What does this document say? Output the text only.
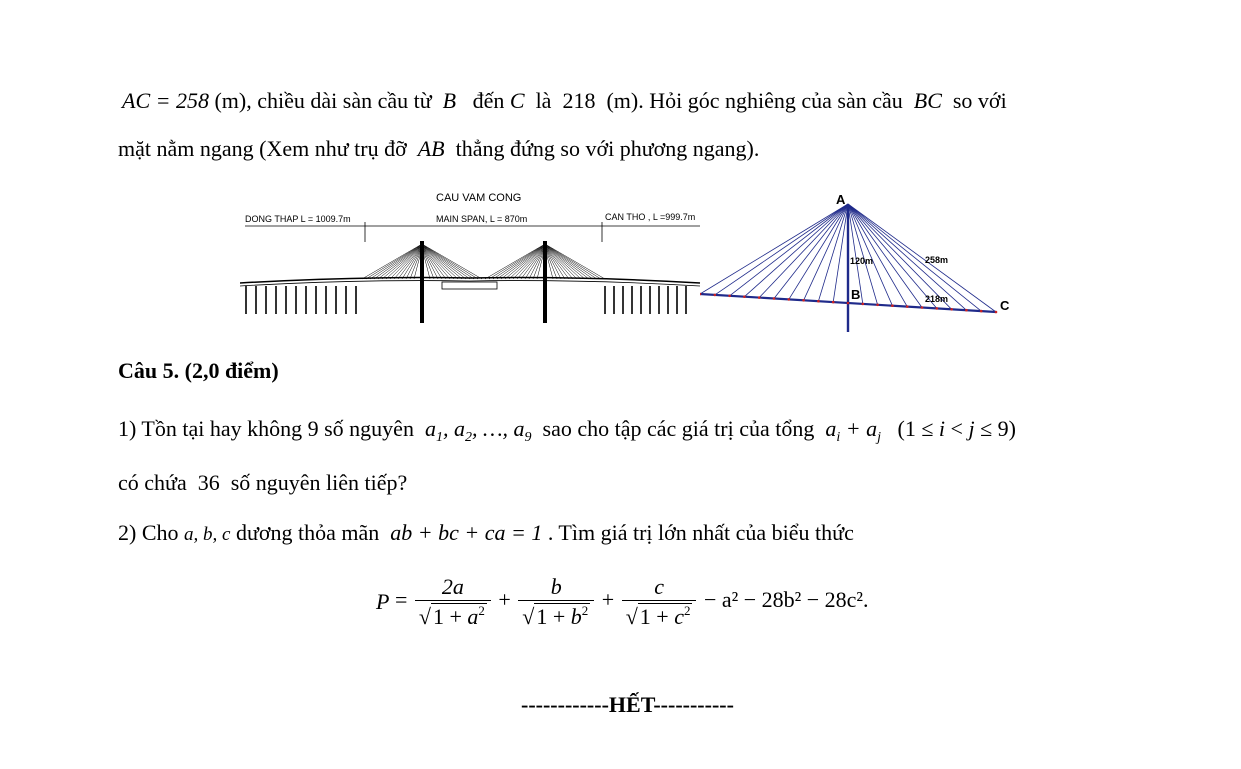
AC = 258 (m), chiều dài sàn cầu từ B đến C là 218 (m). Hỏi góc nghiêng của sàn cầu BC so với
mặt nằm ngang (Xem như trụ đỡ AB thẳng đứng so với phương ngang).
CAU VAM CONG
DONG THAP L = 1009.7m	MAIN SPAN, L = 870m	CAN THO , L =999.7m
A
B
C
120m	258m
218m
Câu 5. (2,0 điểm)
1) Tồn tại hay không 9 số nguyên $a_1$, $a_2$, …, $a_9$ sao cho tập các giá trị của tổng $a_i + a_j$ (1 ≤ i < j ≤ 9)
có chứa 36 số nguyên liên tiếp?
2) Cho a, b, c dương thỏa mãn ab + bc + ca = 1 . Tìm giá trị lớn nhất của biểu thức
$P = \frac{2a}{√1 + a^2} + \frac{b}{√1 + b^2} + \frac{c}{√1 + c^2} - a^2 - 28b^2 - 28c^2$.
------------HẾT-----------
